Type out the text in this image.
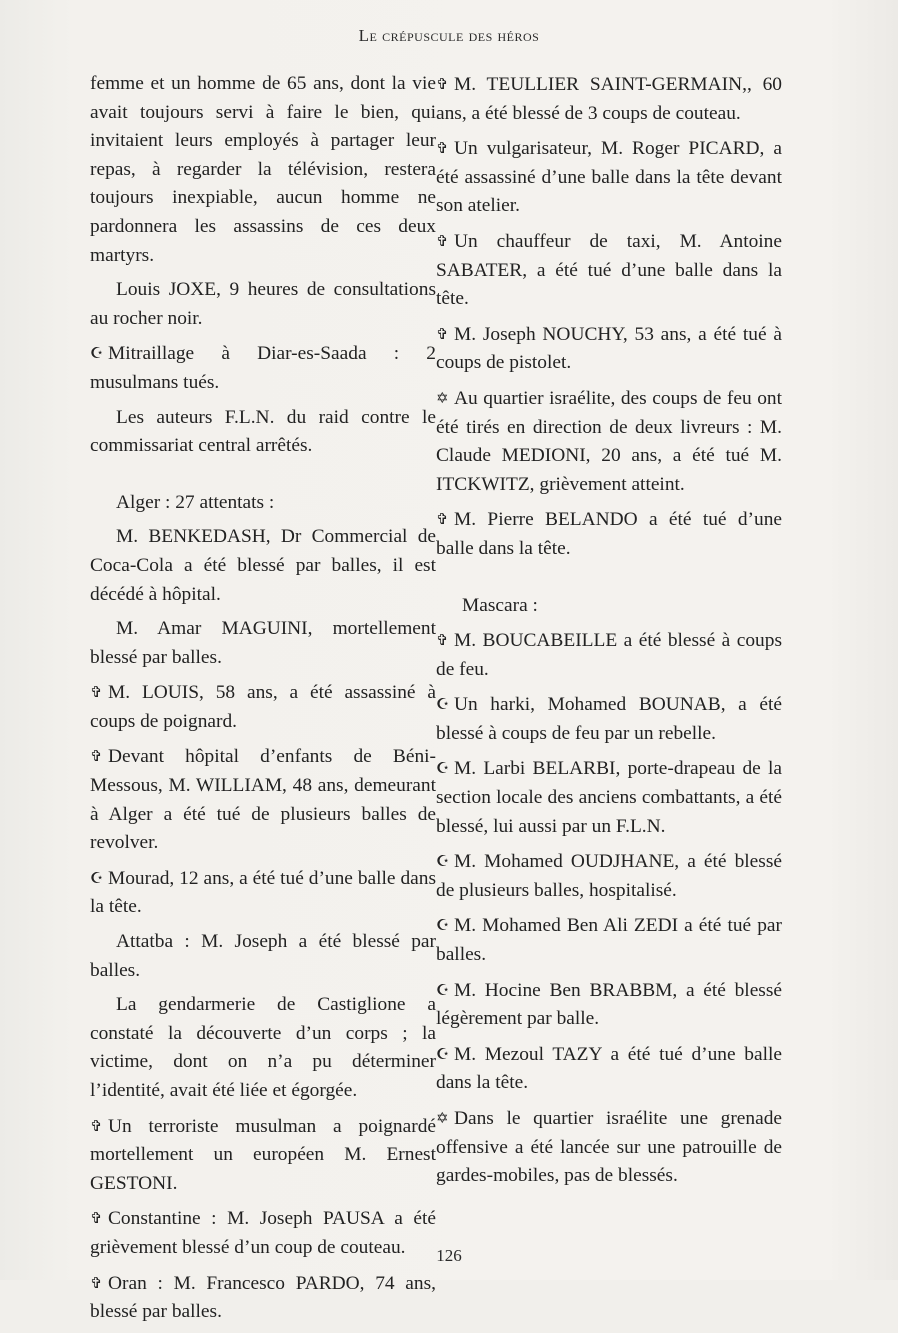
Le crépuscule des héros

femme et un homme de 65 ans, dont la vie avait toujours servi à faire le bien, qui invitaient leurs employés à partager leur repas, à regarder la télévision, restera toujours inexpiable, aucun homme ne pardonnera les assassins de ces deux martyrs.

Louis JOXE, 9 heures de consultations au rocher noir.

☪ Mitraillage à Diar-es-Saada : 2 musulmans tués.

Les auteurs F.L.N. du raid contre le commissariat central arrêtés.

Alger : 27 attentats :

M. BENKEDASH, Dr Commercial de Coca-Cola a été blessé par balles, il est décédé à hôpital.

M. Amar MAGUINI, mortellement blessé par balles.

✞ M. LOUIS, 58 ans, a été assassiné à coups de poignard.

✞ Devant hôpital d’enfants de Béni-Messous, M. WILLIAM, 48 ans, demeurant à Alger a été tué de plusieurs balles de revolver.

☪ Mourad, 12 ans, a été tué d’une balle dans la tête.

Attatba : M. Joseph a été blessé par balles.

La gendarmerie de Castiglione a constaté la découverte d’un corps ; la victime, dont on n’a pu déterminer l’identité, avait été liée et égorgée.

✞ Un terroriste musulman a poignardé mortellement un européen M. Ernest GESTONI.

✞ Constantine : M. Joseph PAUSA a été grièvement blessé d’un coup de couteau.

✞ Oran : M. Francesco PARDO, 74 ans, blessé par balles.

✞ M. TEULLIER SAINT-GERMAIN,, 60 ans, a été blessé de 3 coups de couteau.

✞ Un vulgarisateur, M. Roger PICARD, a été assassiné d’une balle dans la tête devant son atelier.

✞ Un chauffeur de taxi, M. Antoine SABATER, a été tué d’une balle dans la tête.

✞ M. Joseph NOUCHY, 53 ans, a été tué à coups de pistolet.

✡ Au quartier israélite, des coups de feu ont été tirés en direction de deux livreurs : M. Claude MEDIONI, 20 ans, a été tué M. ITCKWITZ, grièvement atteint.

✞ M. Pierre BELANDO a été tué d’une balle dans la tête.

Mascara :

✞ M. BOUCABEILLE a été blessé à coups de feu.

☪ Un harki, Mohamed BOUNAB, a été blessé à coups de feu par un rebelle.

☪ M. Larbi BELARBI, porte-drapeau de la section locale des anciens combattants, a été blessé, lui aussi par un F.L.N.

☪ M. Mohamed OUDJHANE, a été blessé de plusieurs balles, hospitalisé.

☪ M. Mohamed Ben Ali ZEDI a été tué par balles.

☪ M. Hocine Ben BRABBM, a été blessé légèrement par balle.

☪ M. Mezoul TAZY a été tué d’une balle dans la tête.

✡ Dans le quartier israélite une grenade offensive a été lancée sur une patrouille de gardes-mobiles, pas de blessés.

126
